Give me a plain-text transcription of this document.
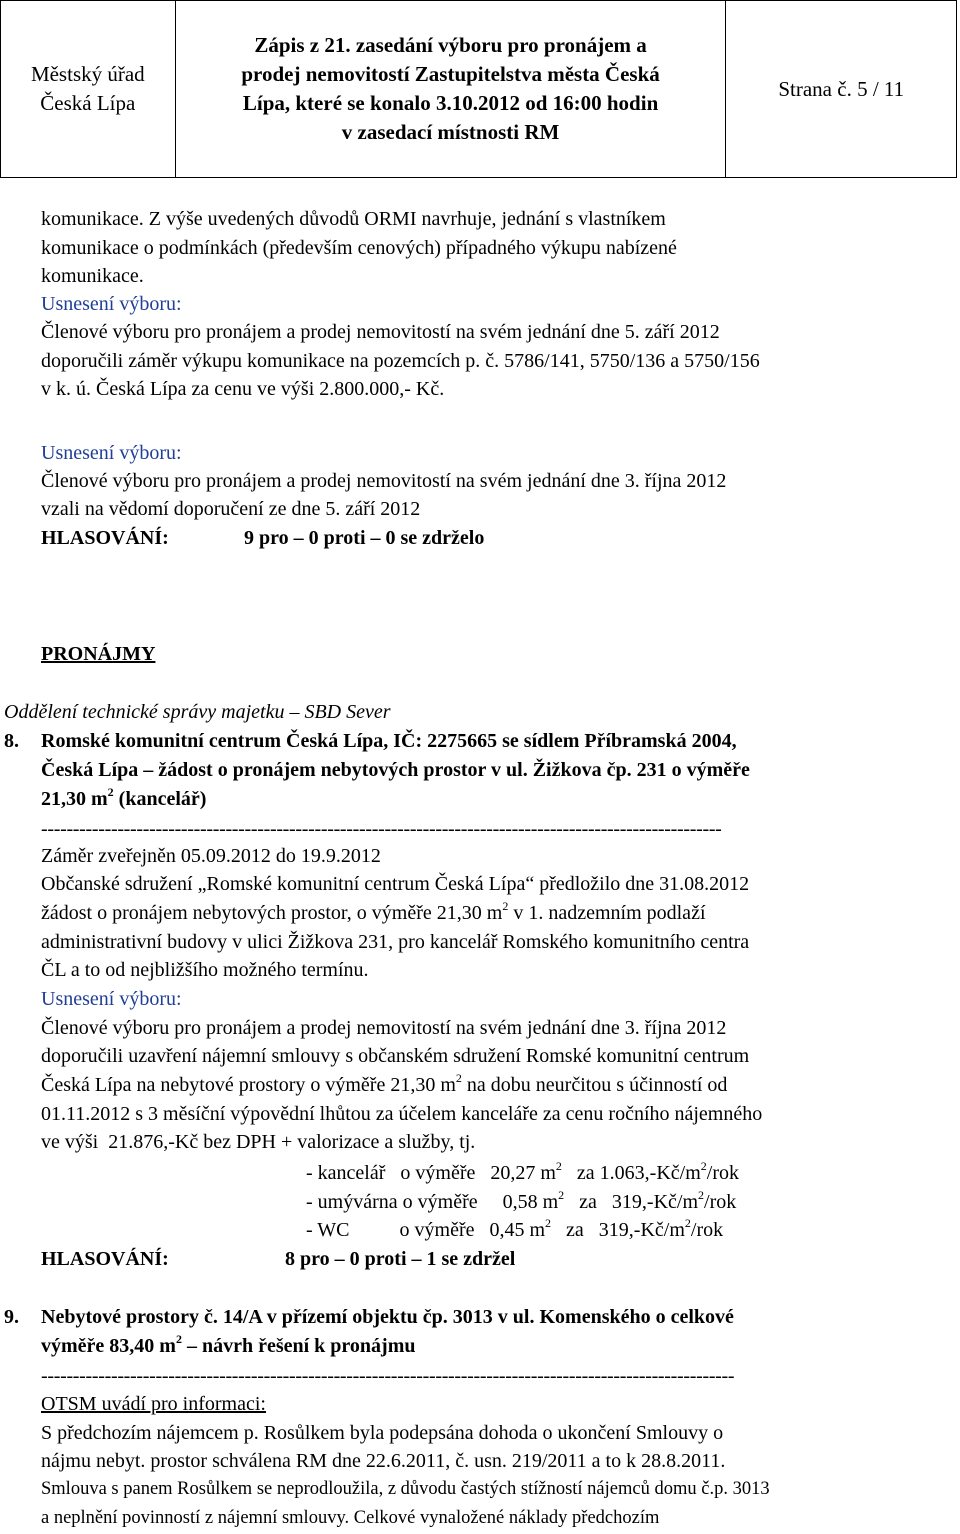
Městský úřad
Česká Lípa
Zápis z 21. zasedání výboru pro pronájem a
prodej nemovitostí Zastupitelstva města Česká
Lípa, které se konalo 3.10.2012 od 16:00 hodin
v zasedací místnosti RM
Strana č. 5 / 11
komunikace. Z výše uvedených důvodů ORMI navrhuje, jednání s vlastníkem
komunikace o podmínkách (především cenových) případného výkupu nabízené
komunikace.
Usnesení výboru:
Členové výboru pro pronájem a prodej nemovitostí na svém jednání dne 5. září 2012
doporučili záměr výkupu komunikace na pozemcích p. č. 5786/141, 5750/136 a 5750/156
v k. ú. Česká Lípa za cenu ve výši 2.800.000,- Kč.
Usnesení výboru:
Členové výboru pro pronájem a prodej nemovitostí na svém jednání dne 3. října 2012
vzali na vědomí doporučení ze dne 5. září 2012
HLASOVÁNÍ:	9 pro – 0 proti – 0 se zdrželo
PRONÁJMY
Oddělení technické správy majetku – SBD Sever
8. Romské komunitní centrum Česká Lípa, IČ: 2275665 se sídlem Příbramská 2004,
Česká Lípa – žádost o pronájem nebytových prostor v ul. Žižkova čp. 231 o výměře
21,30 $m^2$ (kancelář)
-----------------------------------------------------------------------------------------------------------
Záměr zveřejněn 05.09.2012 do 19.9.2012
Občanské sdružení „Romské komunitní centrum Česká Lípa“ předložilo dne 31.08.2012
žádost o pronájem nebytových prostor, o výměře 21,30 $m^2$ v 1. nadzemním podlaží
administrativní budovy v ulici Žižkova 231, pro kancelář Romského komunitního centra
ČL a to od nejbližšího možného termínu.
Usnesení výboru:
Členové výboru pro pronájem a prodej nemovitostí na svém jednání dne 3. října 2012
doporučili uzavření nájemní smlouvy s občanském sdružení Romské komunitní centrum
Česká Lípa na nebytové prostory o výměře 21,30 $m^2$ na dobu neurčitou s účinností od
01.11.2012 s 3 měsíční výpovědní lhůtou za účelem kanceláře za cenu ročního nájemného
ve výši  21.876,-Kč bez DPH + valorizace a služby, tj.
- kancelář   o výměře   20,27 $m^2$   za $1.063,-Kč/m^2$/rok
- umývárna o výměře     0,58 $m^2$   za   $319,-Kč/m^2$/rok
- WC          o výměře   0,45 $m^2$   za   $319,-Kč/m^2$/rok
HLASOVÁNÍ:	8 pro – 0 proti – 1 se zdržel
9. Nebytové prostory č. 14/A v přízemí objektu čp. 3013 v ul. Komenského o celkové
výměře 83,40 $m^2$ – návrh řešení k pronájmu
-------------------------------------------------------------------------------------------------------------
OTSM uvádí pro informaci:
S předchozím nájemcem p. Rosůlkem byla podepsána dohoda o ukončení Smlouvy o
nájmu nebyt. prostor schválena RM dne 22.6.2011, č. usn. 219/2011 a to k 28.8.2011.
Smlouva s panem Rosůlkem se neprodloužila, z důvodu častých stížností nájemců domu č.p. 3013
a neplnění povinností z nájemní smlouvy. Celkové vynaložené náklady předchozím
